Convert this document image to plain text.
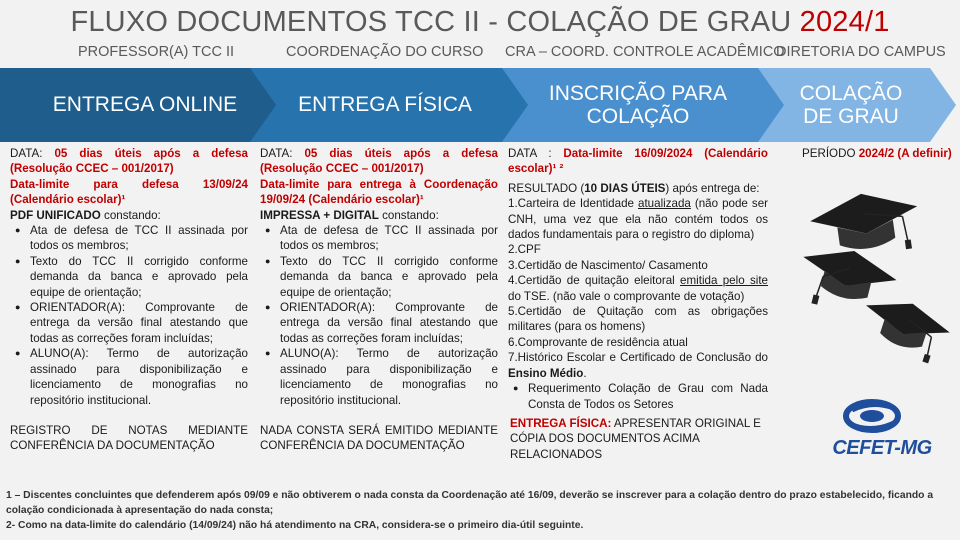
FLUXO DOCUMENTOS TCC II - COLAÇÃO DE GRAU 2024/1
PROFESSOR(A) TCC II	COORDENAÇÃO DO CURSO CRA – COORD. CONTROLE ACADÊMICO
DIRETORIA DO CAMPUS
ENTREGA ONLINE	ENTREGA FÍSICA
INSCRIÇÃO PARA COLAÇÃO
COLAÇÃO DE GRAU
DATA: 05 dias úteis após a defesa (Resolução CCEC – 001/2017)
Data-limite para defesa 13/09/24 (Calendário escolar)¹
PDF UNIFICADO constando:
● Ata de defesa de TCC II assinada por todos os membros;
● Texto do TCC II corrigido conforme demanda da banca e aprovado pela equipe de orientação;
● ORIENTADOR(A): Comprovante de entrega da versão final atestando que todas as correções foram incluídas;
● ALUNO(A): Termo de autorização assinado para disponibilização e licenciamento de monografias no repositório institucional.
REGISTRO DE NOTAS MEDIANTE CONFERÊNCIA DA DOCUMENTAÇÃO
DATA: 05 dias úteis após a defesa (Resolução CCEC – 001/2017)
Data-limite para entrega à Coordenação 19/09/24 (Calendário escolar)¹
IMPRESSA + DIGITAL constando:
● Ata de defesa de TCC II assinada por todos os membros;
● Texto do TCC II corrigido conforme demanda da banca e aprovado pela equipe de orientação;
● ORIENTADOR(A): Comprovante de entrega da versão final atestando que todas as correções foram incluídas;
● ALUNO(A): Termo de autorização assinado para disponibilização e licenciamento de monografias no repositório institucional.
NADA CONSTA SERÁ EMITIDO MEDIANTE CONFERÊNCIA DA DOCUMENTAÇÃO
DATA : Data-limite 16/09/2024 (Calendário escolar)¹ ²
RESULTADO (10 DIAS ÚTEIS) após entrega de:
1.Carteira de Identidade atualizada (não pode ser CNH, uma vez que ela não contém todos os dados fundamentais para o registro do diploma)
2.CPF
3.Certidão de Nascimento/ Casamento
4.Certidão de quitação eleitoral emitida pelo site do TSE. (não vale o comprovante de votação)
5.Certidão de Quitação com as obrigações militares (para os homens)
6.Comprovante de residência atual
7.Histórico Escolar e Certificado de Conclusão do Ensino Médio.
● Requerimento Colação de Grau com Nada Consta de Todos os Setores
ENTREGA FÍSICA: APRESENTAR ORIGINAL E CÓPIA DOS DOCUMENTOS ACIMA RELACIONADOS
PERÍODO 2024/2 (A definir)
CEFET-MG
1 – Discentes concluintes que defenderem após 09/09 e não obtiverem o nada consta da Coordenação até 16/09, deverão se inscrever para a colação dentro do prazo estabelecido, ficando a colação condicionada à apresentação do nada consta;
2- Como na data-limite do calendário (14/09/24) não há atendimento na CRA, considera-se o primeiro dia-útil seguinte.
